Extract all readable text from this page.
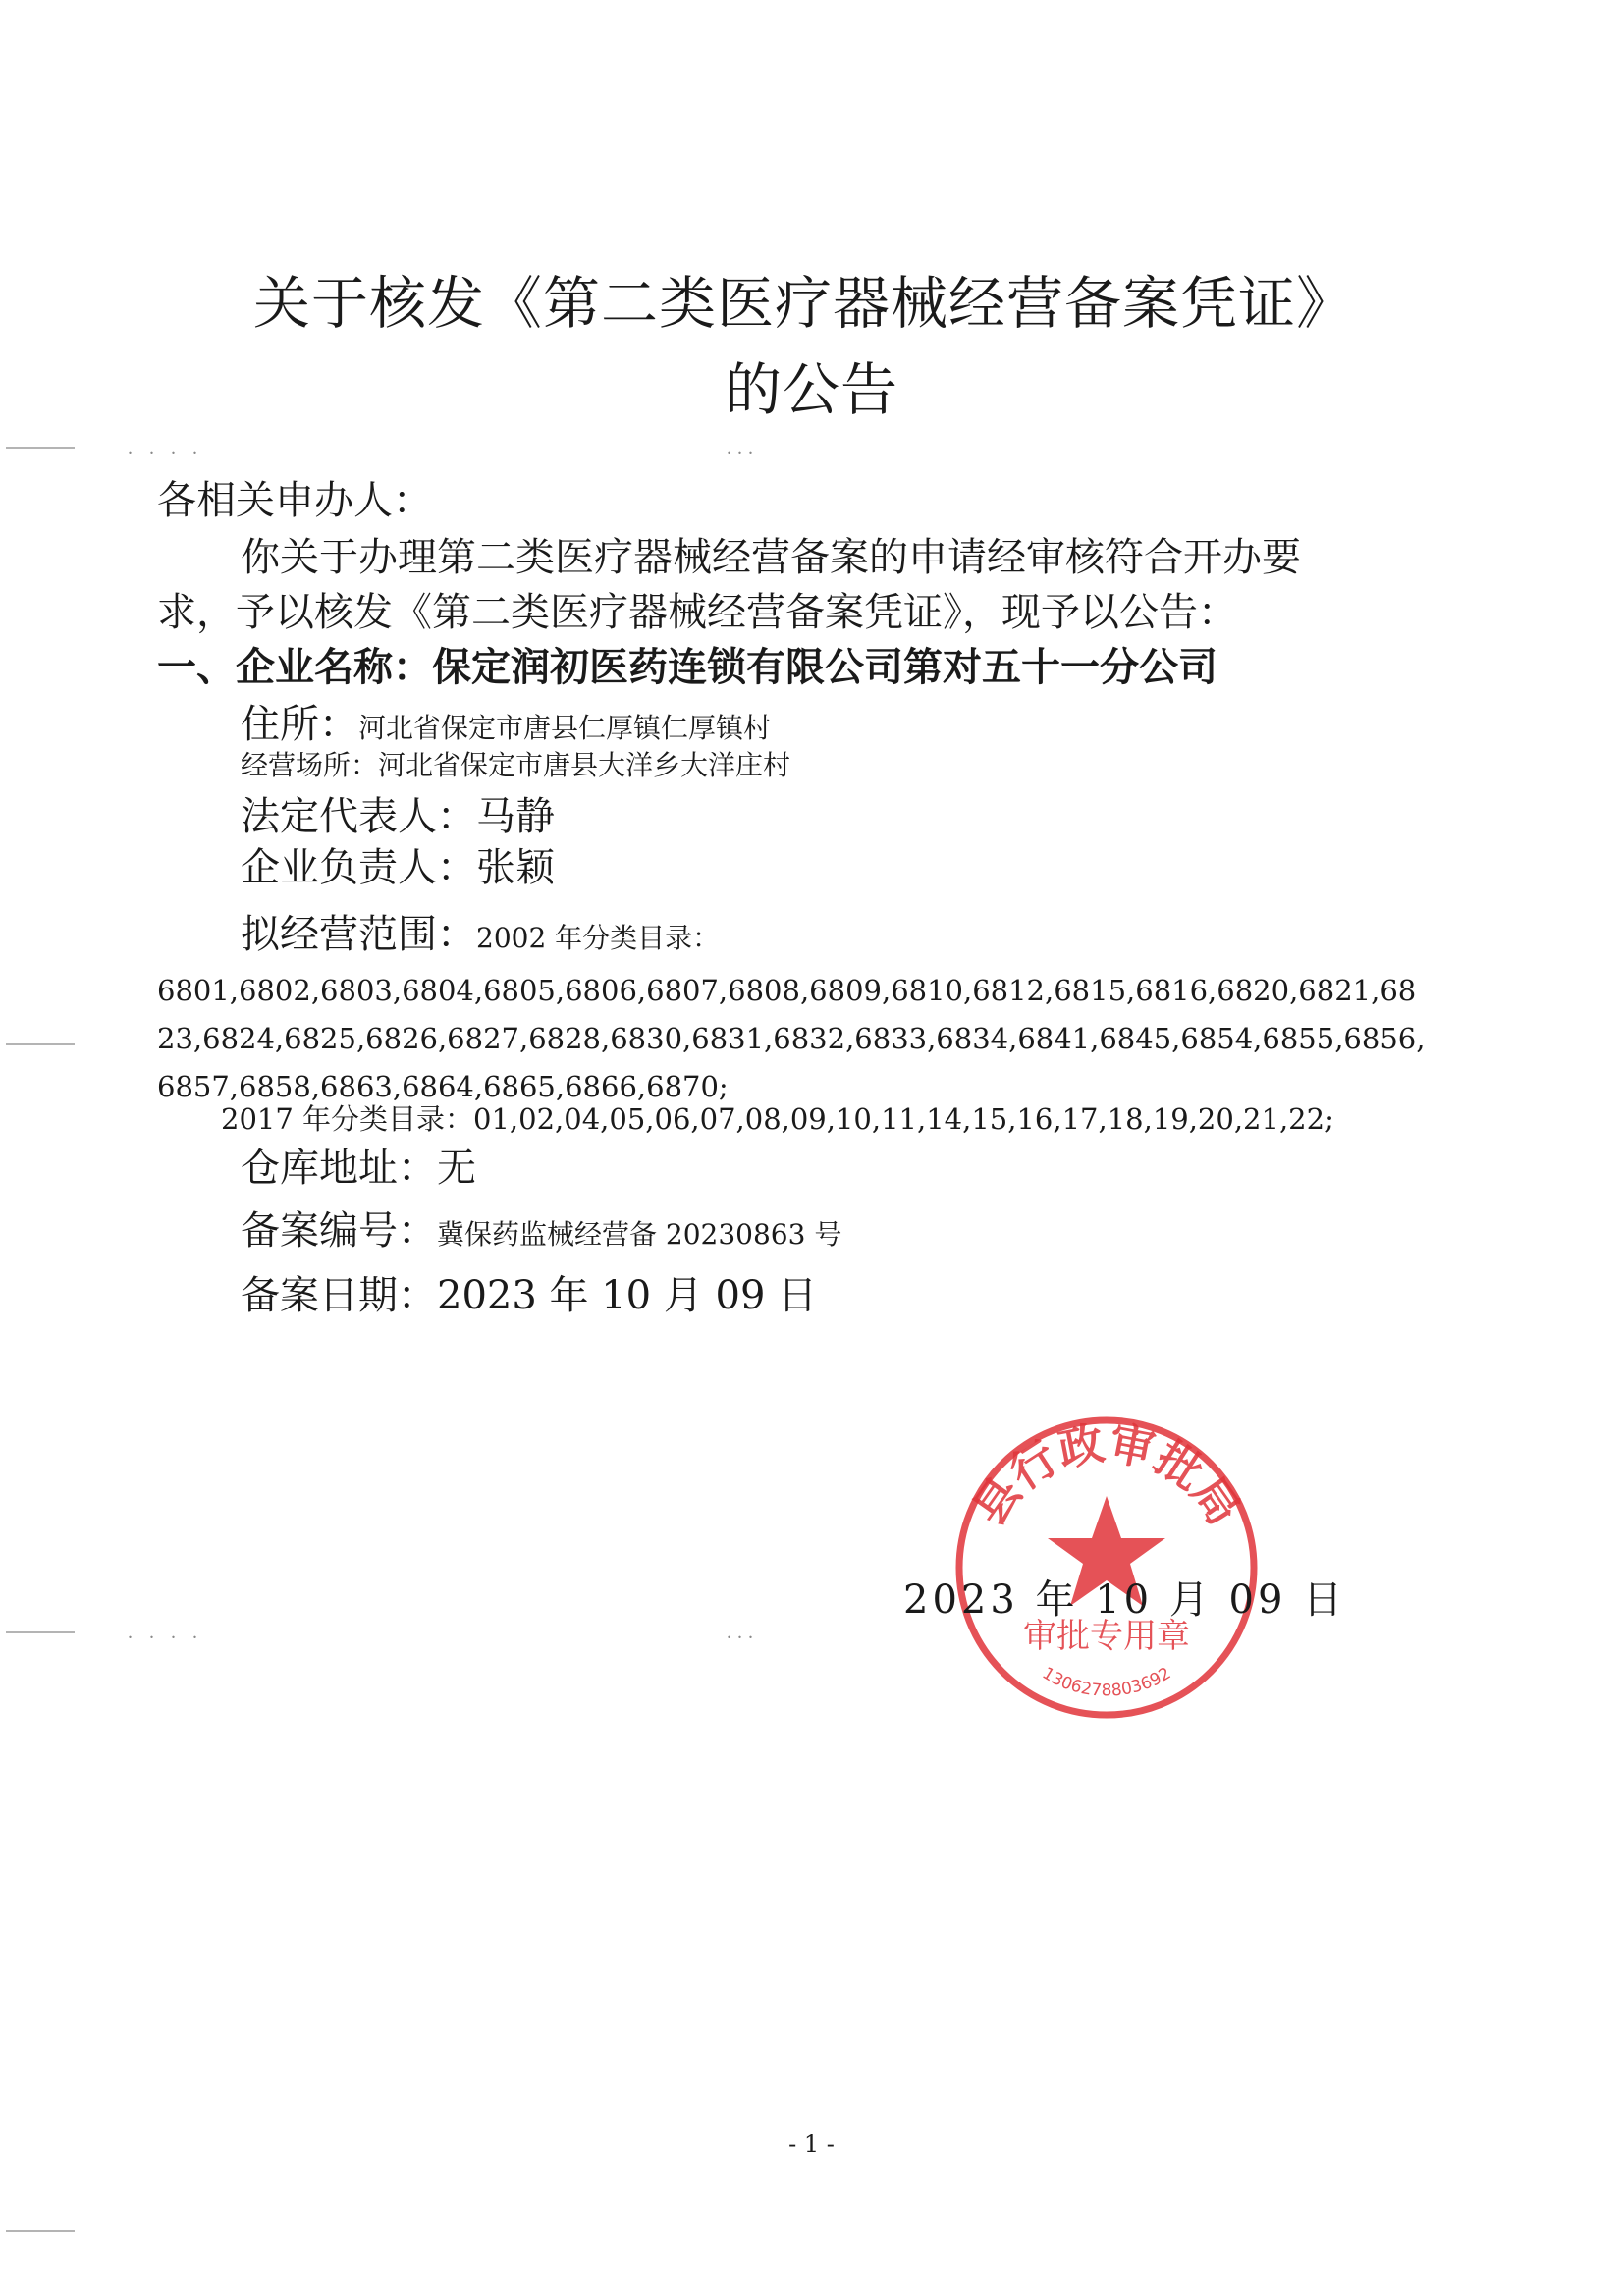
关于核发《第二类医疗器械经营备案凭证》
的公告
各相关申办人：
你关于办理第二类医疗器械经营备案的申请经审核符合开办要
求，予以核发《第二类医疗器械经营备案凭证》，现予以公告：
一、企业名称：保定润初医药连锁有限公司第对五十一分公司
住所：河北省保定市唐县仁厚镇仁厚镇村
经营场所：河北省保定市唐县大洋乡大洋庄村
法定代表人：马静
企业负责人：张颖
拟经营范围：2002 年分类目录：
6801,6802,6803,6804,6805,6806,6807,6808,6809,6810,6812,6815,6816,6820,6821,6823,6824,6825,6826,6827,6828,6830,6831,6832,6833,6834,6841,6845,6854,6855,6856,6857,6858,6863,6864,6865,6866,6870;
2017 年分类目录：01,02,04,05,06,07,08,09,10,11,14,15,16,17,18,19,20,21,22;
仓库地址：无
备案编号：冀保药监械经营备 20230863 号
备案日期：2023 年 10 月 09 日
县行政审批局
审批专用章
1306278803692
2023 年 10 月 09 日
. . . .	...
. . . .	...
- 1 -
